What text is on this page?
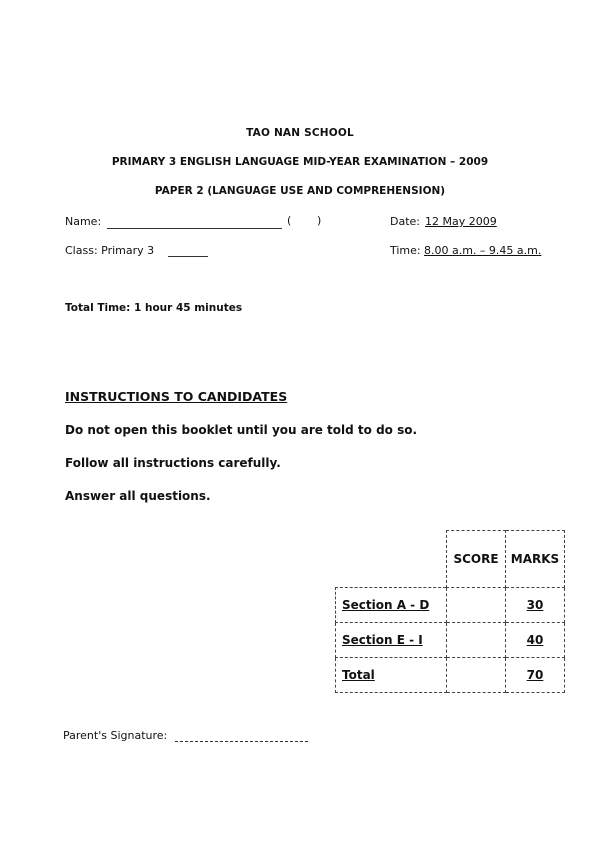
TAO NAN SCHOOL
PRIMARY 3 ENGLISH LANGUAGE MID-YEAR EXAMINATION – 2009
PAPER 2 (LANGUAGE USE AND COMPREHENSION)
Name:	( )	Date: 12 May 2009
Class: Primary 3	Time: 8.00 a.m. – 9.45 a.m.
Total Time: 1 hour 45 minutes
INSTRUCTIONS TO CANDIDATES
Do not open this booklet until you are told to do so.
Follow all instructions carefully.
Answer all questions.
	SCORE	MARKS
Section A - D		30
Section E - I		40
Total		70
Parent's Signature:
